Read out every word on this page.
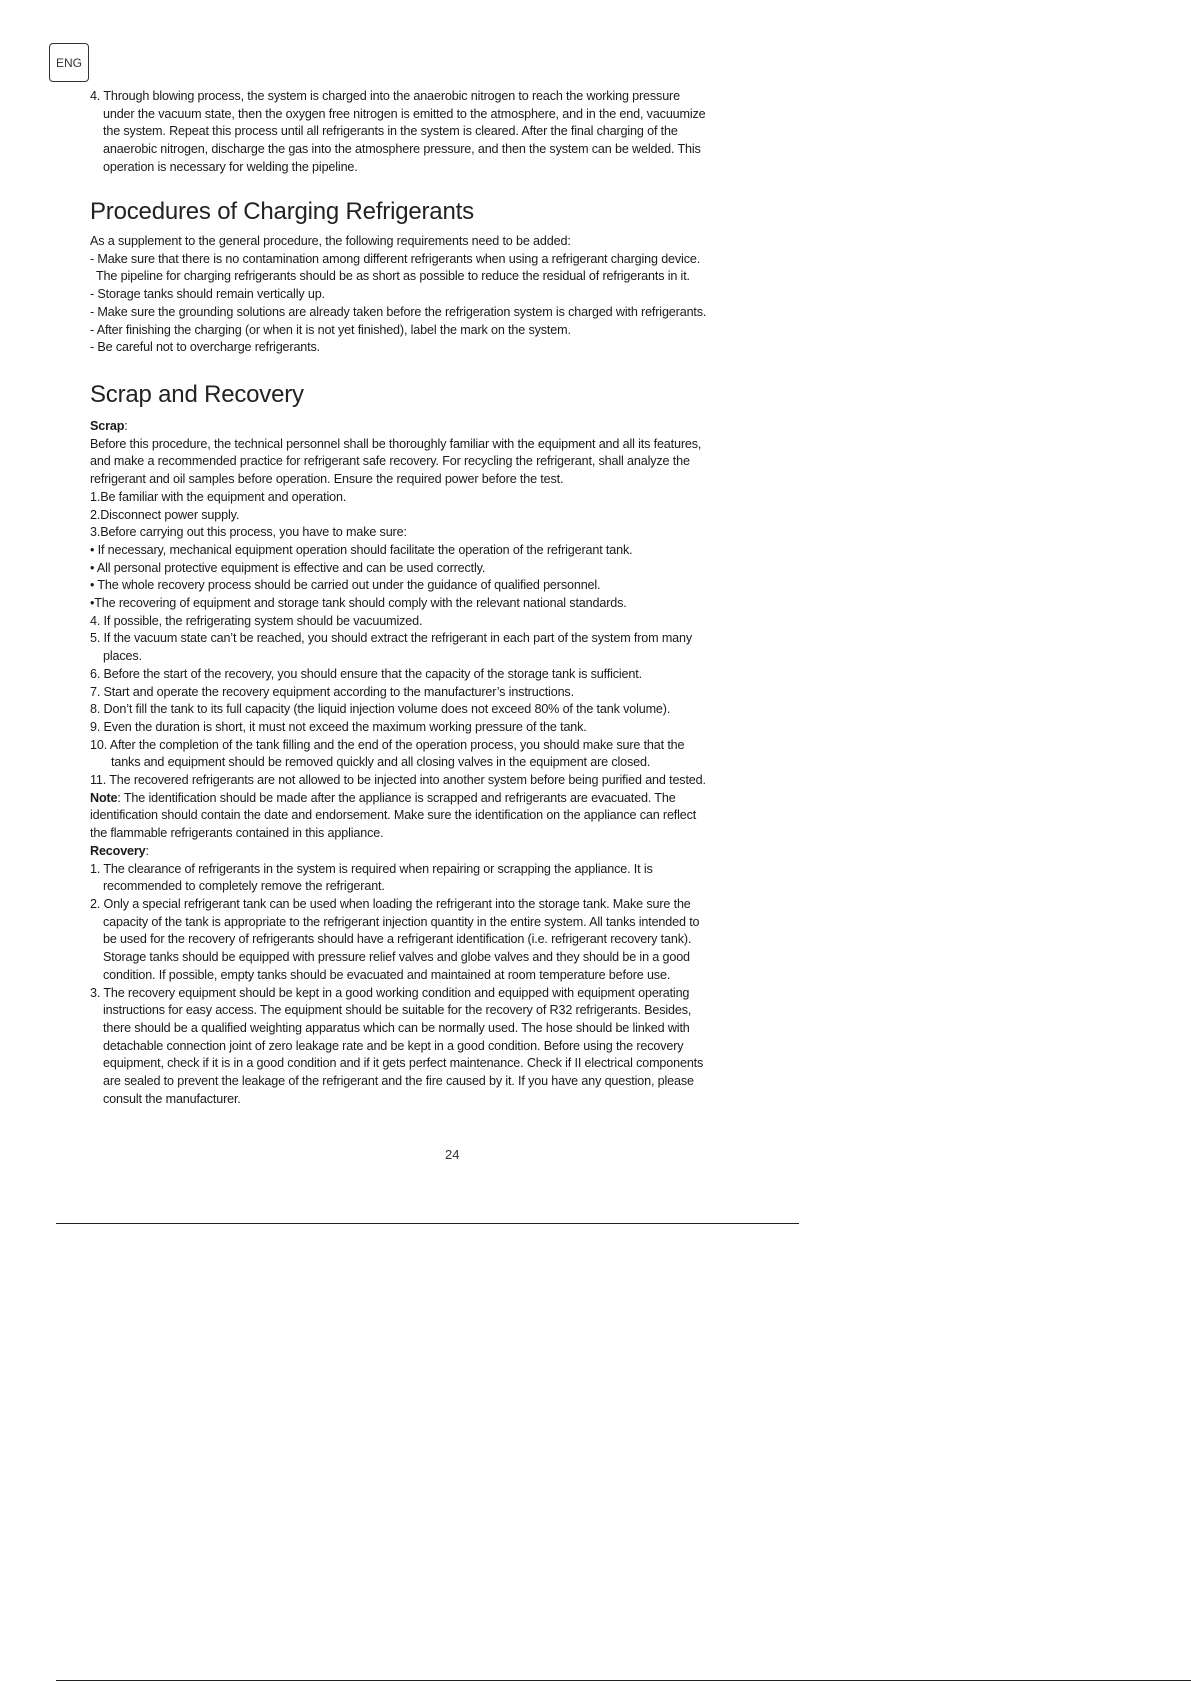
ENG
4. Through blowing process, the system is charged into the anaerobic nitrogen to reach the working pressure
under the vacuum state, then the oxygen free nitrogen is emitted to the atmosphere, and in the end, vacuumize
the system. Repeat this process until all refrigerants in the system is cleared. After the final charging of the
anaerobic nitrogen, discharge the gas into the atmosphere pressure, and then the system can be welded. This
operation is necessary for welding the pipeline.
Procedures of Charging Refrigerants
As a supplement to the general procedure, the following requirements need to be added:
- Make sure that there is no contamination among different refrigerants when using a refrigerant charging device.
The pipeline for charging refrigerants should be as short as possible to reduce the residual of refrigerants in it.
- Storage tanks should remain vertically up.
- Make sure the grounding solutions are already taken before the refrigeration system is charged with refrigerants.
- After finishing the charging (or when it is not yet finished), label the mark on the system.
- Be careful not to overcharge refrigerants.
Scrap and Recovery
Scrap:
Before this procedure, the technical personnel shall be thoroughly familiar with the equipment and all its features,
and make a recommended practice for refrigerant safe recovery. For recycling the refrigerant, shall analyze the
refrigerant and oil samples before operation. Ensure the required power before the test.
1.Be familiar with the equipment and operation.
2.Disconnect power supply.
3.Before carrying out this process, you have to make sure:
• If necessary, mechanical equipment operation should facilitate the operation of the refrigerant tank.
• All personal protective equipment is effective and can be used correctly.
• The whole recovery process should be carried out under the guidance of qualified personnel.
•The recovering of equipment and storage tank should comply with the relevant national standards.
4. If possible, the refrigerating system should be vacuumized.
5. If the vacuum state can’t be reached, you should extract the refrigerant in each part of the system from many
places.
6. Before the start of the recovery, you should ensure that the capacity of the storage tank is sufficient.
7. Start and operate the recovery equipment according to the manufacturer’s instructions.
8. Don’t fill the tank to its full capacity (the liquid injection volume does not exceed 80% of the tank volume).
9. Even the duration is short, it must not exceed the maximum working pressure of the tank.
10. After the completion of the tank filling and the end of the operation process, you should make sure that the
tanks and equipment should be removed quickly and all closing valves in the equipment are closed.
11. The recovered refrigerants are not allowed to be injected into another system before being purified and tested.
Note: The identification should be made after the appliance is scrapped and refrigerants are evacuated. The
identification should contain the date and endorsement. Make sure the identification on the appliance can reflect
the flammable refrigerants contained in this appliance.
Recovery:
1. The clearance of refrigerants in the system is required when repairing or scrapping the appliance. It is
recommended to completely remove the refrigerant.
2. Only a special refrigerant tank can be used when loading the refrigerant into the storage tank. Make sure the
capacity of the tank is appropriate to the refrigerant injection quantity in the entire system. All tanks intended to
be used for the recovery of refrigerants should have a refrigerant identification (i.e. refrigerant recovery tank).
Storage tanks should be equipped with pressure relief valves and globe valves and they should be in a good
condition. If possible, empty tanks should be evacuated and maintained at room temperature before use.
3. The recovery equipment should be kept in a good working condition and equipped with equipment operating
instructions for easy access. The equipment should be suitable for the recovery of R32 refrigerants. Besides,
there should be a qualified weighting apparatus which can be normally used. The hose should be linked with
detachable connection joint of zero leakage rate and be kept in a good condition. Before using the recovery
equipment, check if it is in a good condition and if it gets perfect maintenance. Check if II electrical components
are sealed to prevent the leakage of the refrigerant and the fire caused by it. If you have any question, please
consult the manufacturer.
24
